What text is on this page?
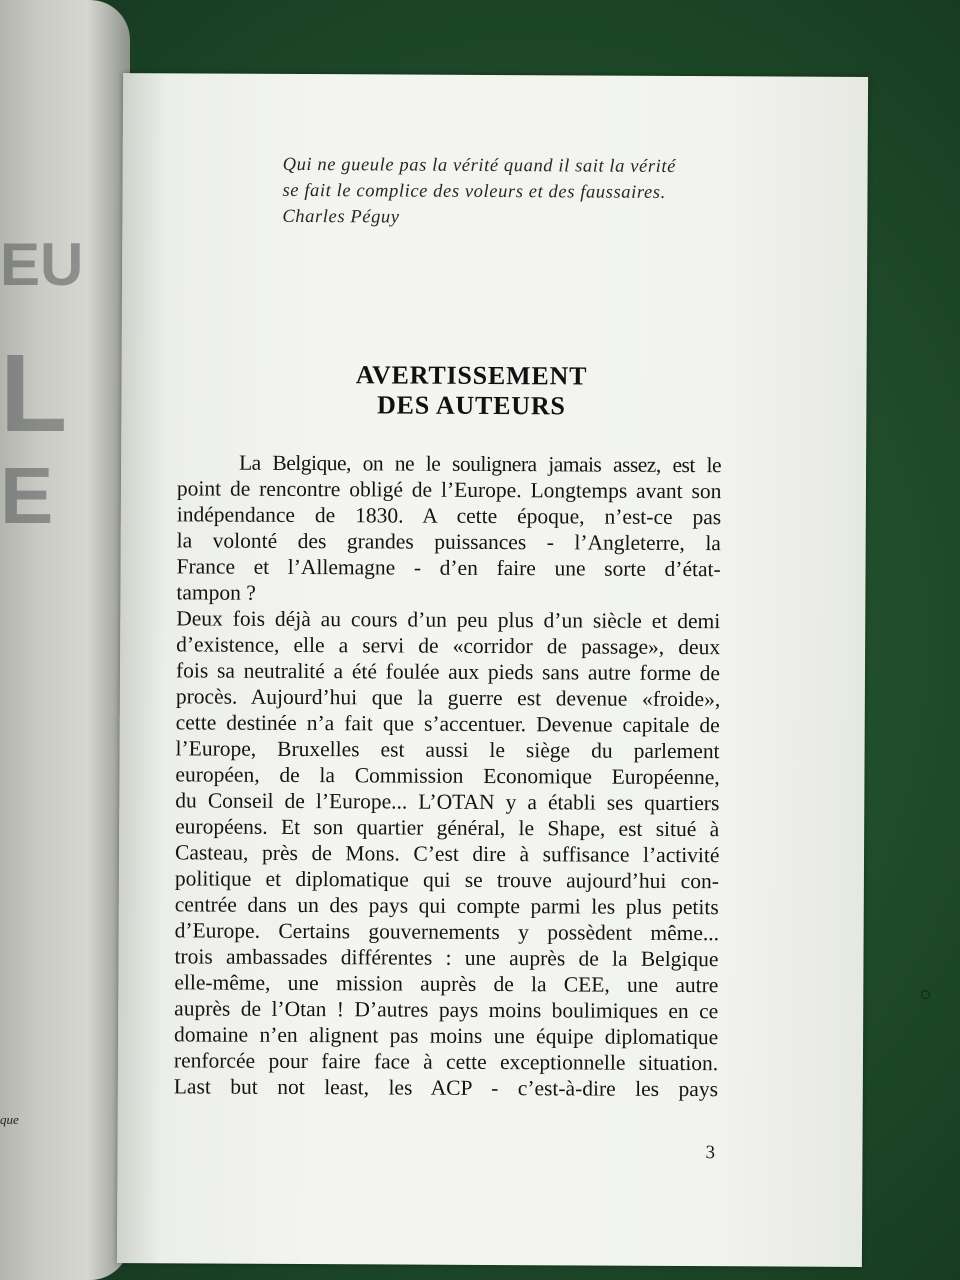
EU
L
E
que
Qui ne gueule pas la vérité quand il sait la vérité
se fait le complice des voleurs et des faussaires.
Charles Péguy
AVERTISSEMENT
DES AUTEURS
La Belgique, on ne le soulignera jamais assez, est le
point de rencontre obligé de l’Europe. Longtemps avant son
indépendance de 1830. A cette époque, n’est-ce pas
la volonté des grandes puissances - l’Angleterre, la
France et l’Allemagne - d’en faire une sorte d’état-
tampon ?
Deux fois déjà au cours d’un peu plus d’un siècle et demi
d’existence, elle a servi de «corridor de passage», deux
fois sa neutralité a été foulée aux pieds sans autre forme de
procès. Aujourd’hui que la guerre est devenue «froide»,
cette destinée n’a fait que s’accentuer. Devenue capitale de
l’Europe, Bruxelles est aussi le siège du parlement
européen, de la Commission Economique Européenne,
du Conseil de l’Europe... L’OTAN y a établi ses quartiers
européens. Et son quartier général, le Shape, est situé à
Casteau, près de Mons. C’est dire à suffisance l’activité
politique et diplomatique qui se trouve aujourd’hui con-
centrée dans un des pays qui compte parmi les plus petits
d’Europe. Certains gouvernements y possèdent même...
trois ambassades différentes : une auprès de la Belgique
elle-même, une mission auprès de la CEE, une autre
auprès de l’Otan ! D’autres pays moins boulimiques en ce
domaine n’en alignent pas moins une équipe diplomatique
renforcée pour faire face à cette exceptionnelle situation.
Last but not least, les ACP - c’est-à-dire les pays
3
